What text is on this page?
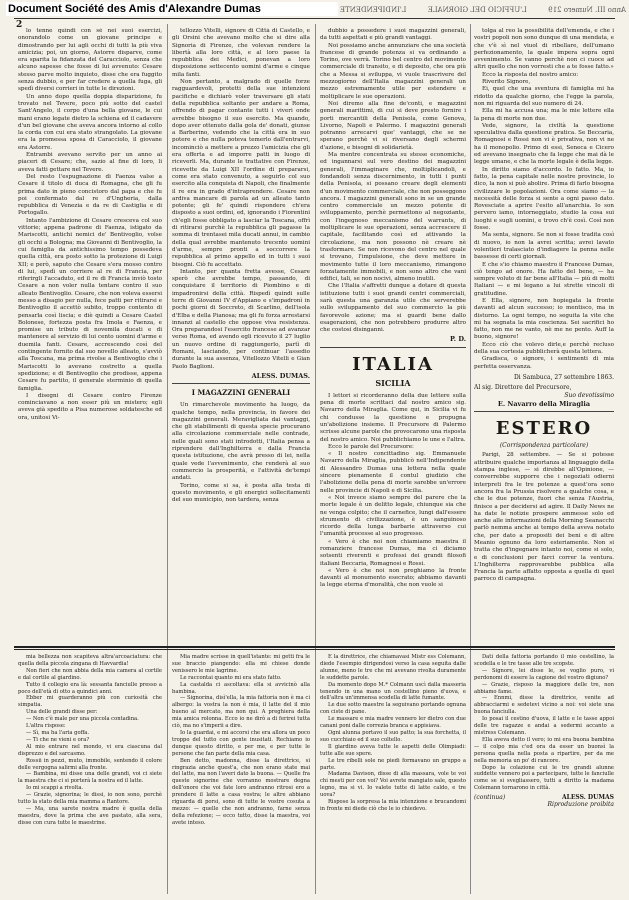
Document Société des Amis d'Alexandre Dumas	Anno III. Numero 219
L'UFFICIO DEL GIORNALE
L'INDIPENDENTE
2

lo tenne quindi con sè nei suoi esercizi, onorandolo come un giovane principe e dimostrando per lui agli occhi di tutti la più viva amicizia; poi, un giorno, Astorre disparve, come era sparita la fidanzata del Caracciolo, senza che alcuno sapesse che fosse di lui avvenuto: Cesare stesso parve molto inquieto, disse che era fuggito senza dubbio, e per far credere a quella fuga, gli spedì diversi corrieri in tutte le direzioni.

Un anno dopo quella doppia disparizione, fu trovato nel Tevere, poco più sotto del castel Sant'Angelo, il corpo d'una bella giovane, le cui mani erano legate dietro la schiena ed il cadavere d'un bel giovane che aveva ancora intorno al collo la corda con cui era stato strangolato. La giovane era la promessa sposa di Caracciolo, il giovane era Astorre.

Entrambi avevano servito per un anno ai piaceri di Cesare; che, sazio al fine di loro, li aveva fatti gettare nel Tevere.

Del resto l'espugnazione di Faenza valse a Cesare il titolo di duca di Romagna, che gli fu prima dato in pieno concistoro dal papa e che fu poi confermato dal re d'Ungheria, dalla repubblica di Venezia e da re di Castiglia e di Portogallo.

Intanto l'ambizione di Cesare cresceva col suo vittorie; appena padrone di Faenza, istigato da Mariscotti, antichi nemici de' Bentivoglio, volse gli occhi a Bologna; ma Giovanni di Bentivoglio, la cui famiglia da antichissimo tempo possedeva quella città, era posto sotto la protezione di Luigi XII; e però, saputo che Cesare s'era mosso contro di lui, spedì un corriere al re di Francia, per riferirgli l'accaduto, ed il re di Francia inviò tosto Cesare a non voler nulla tentare contro il suo alleato Bentivoglio. Cesare, che non voleva essersi messo a disagio per nulla, fece patti per ritirarsi e Bentivoglio il accettò subito, troppo contento di pensarla così liscia; e diè quindi a Cesare Castel Bolonese, fortezza posta fra Imola e Faenza, e promise un tributo di novemila ducati e di mantenere al servizio di lui cento uomini d'arme e duemila fanti. Cesare, accrescendo così del contingente fornito dal suo novello alleato, s'avviò alla Toscana, ma prima rivolse a Bentivoglio che i Mariscotti lo avevano costretto a quella spedizione; e di Bentivoglio che prodisse, appena Cesare fu partito, il generale sterminio di quella famiglia.

I disegni di Cesare contro Firenze cominciavano a non esser più un mistero; egli aveva già spedito a Pisa numerose soldatesche ed ora, unitosi Vi-

tellozzo Vitelli, signore di Città di Castello, e gli Orsini che avevano molto che si dire alla Signoria di Firenze, che volevan rendere la libertà alla loro città, e al loro paese la repubblica dei Medici, ponevan a loro disposizione settecento uomini d'arme e cinque mila fanti.

Non pertanto, a malgrado di quelle forze ragguardevoli, protetti della sue intenzioni pacifiche e dichiarò voler traversare gli stati della repubblica soltanto per andare a Roma, offrendo di pagar contante tutti i viveri onde avrebbe bisogno il suo esercito. Ma quando, dopo aver ottenuto dalla gola de' donati, giunse a Barberino, vedendo che la città era in suo potere e che nulla poteva temerlo dall'entrarvi, incominciò a mettere a prezzo l'amicizia che gli era offerta e ad imporre patti in luogo di riceverli. Ma, durante le trattative con Firenze, ricevette da Luigi XII l'ordine di prepararsi, come era stato convenuto, a seguirlo col suo esercito alla conquista di Napoli, che finalmente il re era in grado d'intraprendere. Cesare non ardiva mancare di parola ad un alleato tanto potente; gli fe' quindi rispondere ch'era disposto a suoi ordini, ed, ignorando i Fiorentini ch'egli fosse obbligato a lasciar la Toscana, offrì di ritirarsi purchè la repubblica gli pagasse la somma di trentasei mila ducati annui, in cambio della qual avrebbe mantenuto trecento uomini d'arme, sempre pronti a soccorrere la repubblica al primo appello ed in tutti i suoi bisogni. Ciò fu accettato.

Intanto, per quanta fretta avesse, Cesare sperò che avrebbe tempo, passando, di conquistare il territorio di Piombino e di impadronirsi della città. Rispedì quindi sulle terre di Giovanni IV d'Appiano e s'impadronì in pochi giorni di Soccreto, di Scarlino, dell'isola d'Elba e della Pianosa; ma gli fu forza arrestarsi innanzi al castello che oppose viva resistenza. Ora preparandosi l'esercito francese ad avanzar verso Roma, ed avendo egli ricevuto il 27 luglio un nuovo ordine di raggiungerlo, partì di Romani, lasciando, per continuar l'assedio durante la sua assenza, Vitellozzo Vitelli e Gian Paolo Baglioni.

ALESS. DUMAS.
I MAGAZZINI GENERALI

Un rimarchevole movimento ha luogo, da qualche tempo, nella provincia, in favore dei magazzini generali. Meravigliata dai vantaggi, che gli stabilimenti di questa specie procurano alla circolazione commerciale nelle contrade, nelle quali sono stati introdotti, l'Italia pensa a riprendere dall'Inghilterra e dalla Francia questa istituzione, che avrà presso di lei, nella quale vede l'avvenimento, che renderà al suo commercio la prosperità, e l'attività de'tempi andati.

Torino, come si sa, è posta alla testa di questo movimento, e gli energici sollecitamenti del suo municipio, non tardera, senza

dubbio a possedere i suoi magazzini generali, da tutti aspettati e più grandi vantaggi.

Noi possiamo anche annunziare che una società francese di grande potenza si va ordinando a Torino, ove verrà. Torino bel centro del movimento commerciale di transito, e di deposito, che ora più che a Messa si sviluppa, vi vuole trascrivere del mezzogiorno dell'Italia magazzini generali un mezzo estremamente utile per estendere e moltiplicare le sue operazioni.

Noi diremo alla fine de'conti, e magazzini generali marittimi, di cui si deve presto fornire i porti mercantili della Penisola, come Genova, Livorno, Napoli e Palermo. I magazzini generali potranno arrecarvi que' vantaggi, che se ne sperano perchè vi si riversano degli schermi d'azione, e bisogni di solidarietà.

Ma mentre concentrata su stesse economiche, ed ingannarsi sul vero destino dei magazzini generali, l'immaginare che, moltiplicandoli, e fondandoli senza discernimento, in tutti i punti della Penisola, si possano creare degli elementi d'un movimento commerciale, che non posseggono ancora. I magazzini generali sono in se un grande centro commerciale un mezzo potente di sviluppamento, perchè permettono al negoziante, con l'ingegnoso meccanismo del warrants, di moltiplicare le sue operazioni, senza accrescere il capitale, facilitando così ed attivando la circolazione, ma non possono nè creare nè trasformare. Se non ricevono del centro nel quale si trovano, l'impulsione, che deve mettere in movimento tutte il loro meccanismo, rimangono forzatamente immobili, e non sono altro che vani edifici, tali, se non nocivi, almeno inutili.

Che l'Italia s'affretti dunque a dotare di questa istituzione tutti i suoi grandi centri commerciali, sarà questa una garanzia utile che serverebbe sullo sviluppamento del suo commercio la più favorevole azione; ma si guardi bene dallo esagerazioni, che non potrebbero produrre altro che costosi disinganni.

P. D.
ITALIA
SICILIA

I lettori si ricorderanno della due lettere sulla pena di morte scrittaci dal nostro amico sig. Navarro della Miraglia. Come qui, in Sicilia vi fu chi condusse la questione e propugna un'abolizione insieme. Il Precursore di Palermo scrisse alcune parole che provocarono una risposta del nostro amico. Noi pubblichiamo le une e l'altra.

Ecco le parole del Precursore:

« Il nostro concittadino sig. Emmanuele Navarro della Miraglia, pubblicò nell'Indipendente di Alessandro Dumas una lettera nella quale sincere pienamente il contul giudizio che l'abolizione della pena di morte sarebbe un'errore nelle provincie di Napoli e di Sicilia.

« Noi invece siamo sempre del parere che la morte legale è un delitto legale, chiunque sia che ne venga colpito; che il carnefice, lungi dall'essere strumento di civilizzazione, è un sanguinoso ricordo della lunga barbarie attraverso cui l'umanità processe al suo progresso.

« Vero è che noi non chiamiamo maestra il romanziere francese Dumas, ma ci diciamo sotsenti riverenti e professi dei grandi filosofi italiani Beccaria, Romagnosi e Rossi.

« Vero è che noi non preghiamo la fronte davanti al monumento esecrato; abbiamo davanti la legge eterna d'moralità, che non vuole si

tolga al reo la possibilità dell'emenda, e che i vostri popoli non sono dunque di una mendata, e che v'è sì nel viuol di ribellare, dell'umano perfezionamento, la quale impera sopra ogni avvenimento. Se vanno perchè non ci cuoce ad altri quello che non vorresti che a te fosse fatto.»

Ecco la risposta del nostro amico:

Riverito Signore,

Ei, quel che una sventura di famiglia mi ha ridotto da qualche giorno, che l'egge la parola, non mi riguarda del suo numero dì 24.

Ella mi ha accusa una; ma le mie lettere ella la pena di morte non due.

Vede, signore, la civiltà la questione speculativa dalla questione pratica. Se Beccaria, Romagnosi e Rossi non vi è privativa, non vi ne ha il monopolio. Primo di essi, Seneca e Cicero ed avevano insegnato che fa legge che mai dà le legge umane, e che la morte legale è della legge.

In diritto siamo d'accordo. Io fatto. Ma, io fatto, la pena capitale nelle nostre provincie, lo dico, la non si può abolire. Prima di farlo bisogna civilizzare le popolazioni. Ora come siamo — la necessità delle forza si sente a ogni passo dato. Rovesciate a aprire l'esito all'anarchia. Io son pervero iamo, intorneggiato, studio la cosa sui luoghi e sugli uomini, e trovo ch'è così. Così non fosse.

Ma senta, signore. Se non si fosse tradita così di nuovo, io non la avrei scritta; avrei lavato volentieri tralasciato d'indiagere la penna nelle bassesse di certi giornali.

E che s'io chiamo maestro il Francese Dumas, ciò tengo ad onore. Ha fatto del bene, — ha sempre voluto di far bene all'Italia — più di molti Italiani — e mi legano a lui strette vincoli di gratitudine.

E Ella, signore, non hopiegata la fronte davanti ad alcun successo; io mentisco, ma in disturno. La ogni tempo, no seguita la vite che mi ha segnata la mia coscienza. Sei sacrifici ho fatto, non me ne vanto, nè me ne pento. Auff la buono, signore!

Ecco ciò che volevo dirle,e perchè recluso della sua cortesia pubblicherà questa lettera.

Gradisca, o signore, i sentimenti di mia perfetta osservanza.

Di Sambuca, 27 settembre 1863.
Al sig. Direttore del Precursore,
Suo devotissimo
E. Navarro della Miraglia
ESTERO
(Corrispondenza particolare)

Parigi, 28 settembre. — Se si potesse attribuire qualche importanza al linguaggio della stampa inglese, — si direbbe all'Opinione, — converrebbe supporre che i negoziati odierni interpreti fra le tre potenze a quest'ora sono ancora fra la Prussia risolvere a qualche cosa, e che le due potenze, fuori che senza l'Austria, finisce a per decidersi ad agire. Il Daily News ne ha date le notizie prospere ammesse solo ed anche alle informazioni della Morning Seanacchi parlò nemma anche ai tempo della aveva notato che, per dato a propositi dei beni e di altre Meanio ognuno da loro esteriamente. Non si tratta che d'ingegnare intanto noi, come si solo, e di conclusioni per farci correr la ventura. L'Inghilterra rapprovarebbe pubblica alla Francia la parte affatto opposta a quella di quel parroco di campagna.

mia bellezza non scapiteva altra'arcoaciatura: che quella della piccola zingana di Havvardia!

Non fieri che non abbia della mia camera al cortile e dal cortile al giardino.

Tutto il collegio era là: sessanta fanciulle presso a poco dell'età di otto a quindici anni.

Ebber mi guarderanno più con curiosità che simpatia.

Una delle grandi disse per:

— Non c'è male per una piccola contadina.

L'altra rispose:

— Sì, ma ha l'aria goffa.

— Ti che ne vieni e ora?

Al mio entrare nel mondo, vi era ciascuna dal disprezzo e del sarcasmo.

Rossii in pezzi, muto, immobile, sentendo il colore delle vergogna salirmi alla fronte.

— Bambina, mi disse una delle grandi, voi ci siete la maestra che ci si porterà la nostra ed il latte.

Io mi scappi a rivolta.

— Grazie, signorina; le dissi, io non sono, perchè tutto la stato della mia mamma a Rantore.

— Ma, una sarete nostra madre è quella della maestra, dove la prima che ave pastato, alla sera, disse con cura tutte le maestrine.

Mia madre scrisse in quell'istante: mi getti fra le sue braccio piangendo: ella mi chiese donde venissero le mie lagrime.

Le raccontai quanto mi era stato fatto.

La castalda ci ascoltava: ella si avvicinò alla bambina.

— Signorina, disì'ella, la mia fattoria non è ma ci albergo: la vostra la non è mia, il latte del il mio bueno al mercato, ma non qui. A preghiera della mia amica rolonna. Ecco io ne dirò a di ferirei tutta ciò, ma no s'imperii a dire.

Io la guardai, e mi accorsi che era allora un poco troppo del tutto con gente inusitati. Rechiamo io dunque questo diritto, e per me, e per tutte le persone che fan parte della mia casa.

Ben detto, madonna, disse la direttrice, si ringrazia anche quest'a, che non erano state mai del latte, ma non l'averi dato la buona. — Quelle fra queste signorine che vorranno mostrare degna dell'onore che voi fate loro andranno ritrosi ero a prendere il latte a casa vostra; le altre abbiano riguarda di porsi, sono di tutte le vostre cosuta a mezzo: — quelle che non andranno, farne senza della refezione; — ecco tutto, disse la maestra, voi avete inteso.

E la direttrice, che chiamavasi Mistr ess Colemann, diede l'esempio dirigendosi verso la casa seguita dalle alunne, meno le tre che mi avevano rivolta duramente le suddette parole.

Da momento dopo M.* Colmann uscì dalla masseria tenendo in una mano un cestellino pieno d'uova, e dell'altra un'immensa scodella di latte fumante.

Le due sotto maestre la seguivano portando ognuna con ciste di pane.

Le massare e mia madre vennero ler dietro con due canani poni dalle correzia branca e appisiava.

Ogni alunna portavo il suo patto; la sua forchetta, il suo cucchiaio ed il suo coltello.

Il giardino aveva tutte le aspetti delle Olimpiadi: tutte alle sue spere.

Le tre ribelli sole ne piedi formavano un gruppo a parte.

Madama Davison, disse di alla massara, vole te voi chi mesti per con voi? Voi avrete mangiato sale, questo legno, ma si vi. Io valete tutte di latte caldo, e tre uova?

Rispose la sorpresa la mia intenzione e brucandomi in fronte mi diede ciò che le io chiedevo.

Dati della fattoria portando il mio cestellino, la scodella e le tre tasse alle tre scopste.

— Signore, lei disse le, se voglio puro, vi perdonomi di essere la cagione del vostro digiuno?

— Grazie, risposo la maggiore delle tre, non abbiamo fame.

— Ennmi, disse la direttrice, venite ad abbracciarmi e sedetevi vicino a noi: voi siete una buona fanciulla.

Io posai il cestino d'uova, il latte e le tasse appoi delle tre ragazze e andai a sedermi accanto a mistress Colemann.

Ella aveva detto il vero; io mi era buona bambina — il colpo mia c'ed ora da esser un buonsì la persona quella nella posta a ripartire, per da me nella memoria un po' di rancore.

Dopo la colazione cui le tre grandi alunne suddette vennero poi a partecipare, tutte le fanciulle come se si svegliassero, tutti a diritto la madama Colemann tornarono in città.

(continua)	ALESS. DUMAS
Riproduzione proibita
